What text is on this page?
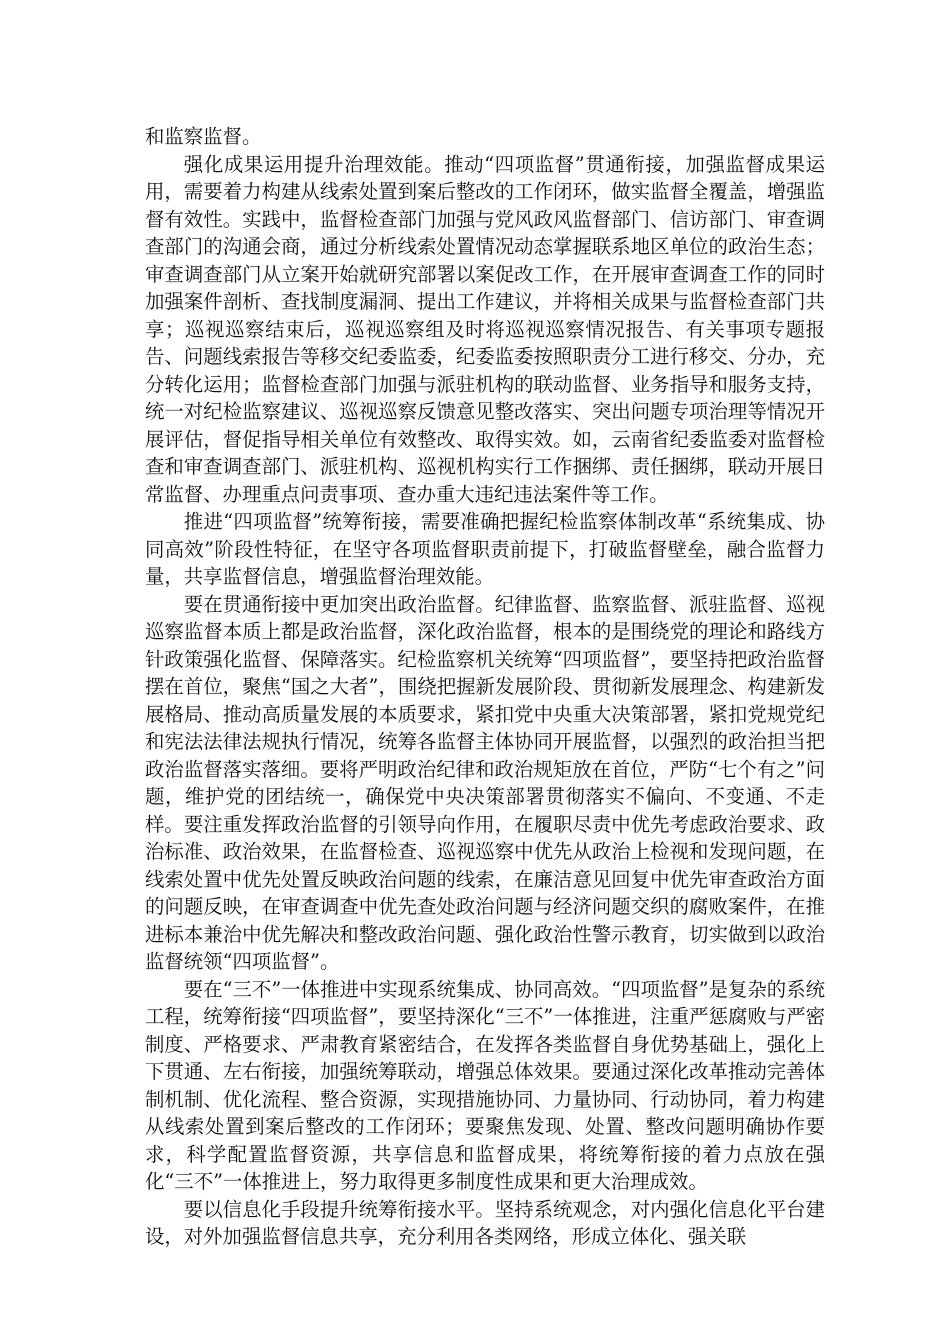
和监察监督。

强化成果运用提升治理效能。推动“四项监督”贯通衔接，加强监督成果运用，需要着力构建从线索处置到案后整改的工作闭环，做实监督全覆盖，增强监督有效性。实践中，监督检查部门加强与党风政风监督部门、信访部门、审查调查部门的沟通会商，通过分析线索处置情况动态掌握联系地区单位的政治生态；审查调查部门从立案开始就研究部署以案促改工作，在开展审查调查工作的同时加强案件剖析、查找制度漏洞、提出工作建议，并将相关成果与监督检查部门共享；巡视巡察结束后，巡视巡察组及时将巡视巡察情况报告、有关事项专题报告、问题线索报告等移交纪委监委，纪委监委按照职责分工进行移交、分办，充分转化运用；监督检查部门加强与派驻机构的联动监督、业务指导和服务支持，统一对纪检监察建议、巡视巡察反馈意见整改落实、突出问题专项治理等情况开展评估，督促指导相关单位有效整改、取得实效。如，云南省纪委监委对监督检查和审查调查部门、派驻机构、巡视机构实行工作捆绑、责任捆绑，联动开展日常监督、办理重点问责事项、查办重大违纪违法案件等工作。

推进“四项监督”统筹衔接，需要准确把握纪检监察体制改革“系统集成、协同高效”阶段性特征，在坚守各项监督职责前提下，打破监督壁垒，融合监督力量，共享监督信息，增强监督治理效能。

要在贯通衔接中更加突出政治监督。纪律监督、监察监督、派驻监督、巡视巡察监督本质上都是政治监督，深化政治监督，根本的是围绕党的理论和路线方针政策强化监督、保障落实。纪检监察机关统筹“四项监督”，要坚持把政治监督摆在首位，聚焦“国之大者”，围绕把握新发展阶段、贯彻新发展理念、构建新发展格局、推动高质量发展的本质要求，紧扣党中央重大决策部署，紧扣党规党纪和宪法法律法规执行情况，统筹各监督主体协同开展监督，以强烈的政治担当把政治监督落实落细。要将严明政治纪律和政治规矩放在首位，严防“七个有之”问题，维护党的团结统一，确保党中央决策部署贯彻落实不偏向、不变通、不走样。要注重发挥政治监督的引领导向作用，在履职尽责中优先考虑政治要求、政治标准、政治效果，在监督检查、巡视巡察中优先从政治上检视和发现问题，在线索处置中优先处置反映政治问题的线索，在廉洁意见回复中优先审查政治方面的问题反映，在审查调查中优先查处政治问题与经济问题交织的腐败案件，在推进标本兼治中优先解决和整改政治问题、强化政治性警示教育，切实做到以政治监督统领“四项监督”。

要在“三不”一体推进中实现系统集成、协同高效。“四项监督”是复杂的系统工程，统筹衔接“四项监督”，要坚持深化“三不”一体推进，注重严惩腐败与严密制度、严格要求、严肃教育紧密结合，在发挥各类监督自身优势基础上，强化上下贯通、左右衔接，加强统筹联动，增强总体效果。要通过深化改革推动完善体制机制、优化流程、整合资源，实现措施协同、力量协同、行动协同，着力构建从线索处置到案后整改的工作闭环；要聚焦发现、处置、整改问题明确协作要求，科学配置监督资源，共享信息和监督成果，将统筹衔接的着力点放在强化“三不”一体推进上，努力取得更多制度性成果和更大治理成效。

要以信息化手段提升统筹衔接水平。坚持系统观念，对内强化信息化平台建设，对外加强监督信息共享，充分利用各类网络，形成立体化、强关联
